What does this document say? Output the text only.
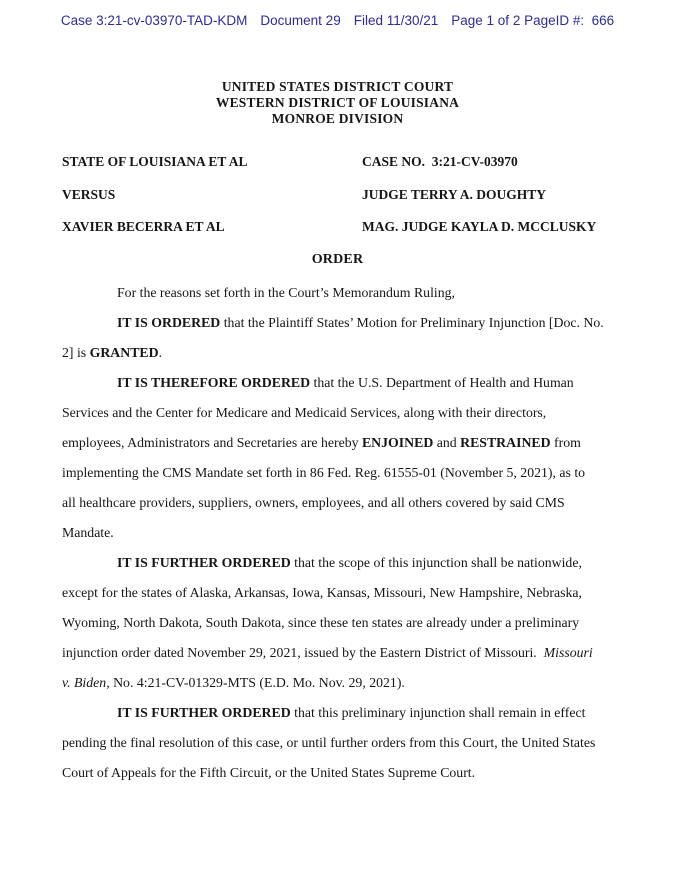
Case 3:21-cv-03970-TAD-KDM Document 29 Filed 11/30/21 Page 1 of 2 PageID #:  666
UNITED STATES DISTRICT COURT
WESTERN DISTRICT OF LOUISIANA
MONROE DIVISION
STATE OF LOUISIANA ET AL	CASE NO.  3:21-CV-03970
VERSUS	JUDGE TERRY A. DOUGHTY
XAVIER BECERRA ET AL	MAG. JUDGE KAYLA D. MCCLUSKY
ORDER
For the reasons set forth in the Court’s Memorandum Ruling,
IT IS ORDERED that the Plaintiff States’ Motion for Preliminary Injunction [Doc. No.
2] is GRANTED.
IT IS THEREFORE ORDERED that the U.S. Department of Health and Human
Services and the Center for Medicare and Medicaid Services, along with their directors,
employees, Administrators and Secretaries are hereby ENJOINED and RESTRAINED from
implementing the CMS Mandate set forth in 86 Fed. Reg. 61555-01 (November 5, 2021), as to
all healthcare providers, suppliers, owners, employees, and all others covered by said CMS
Mandate.
IT IS FURTHER ORDERED that the scope of this injunction shall be nationwide,
except for the states of Alaska, Arkansas, Iowa, Kansas, Missouri, New Hampshire, Nebraska,
Wyoming, North Dakota, South Dakota, since these ten states are already under a preliminary
injunction order dated November 29, 2021, issued by the Eastern District of Missouri.  Missouri
v. Biden, No. 4:21-CV-01329-MTS (E.D. Mo. Nov. 29, 2021).
IT IS FURTHER ORDERED that this preliminary injunction shall remain in effect
pending the final resolution of this case, or until further orders from this Court, the United States
Court of Appeals for the Fifth Circuit, or the United States Supreme Court.
